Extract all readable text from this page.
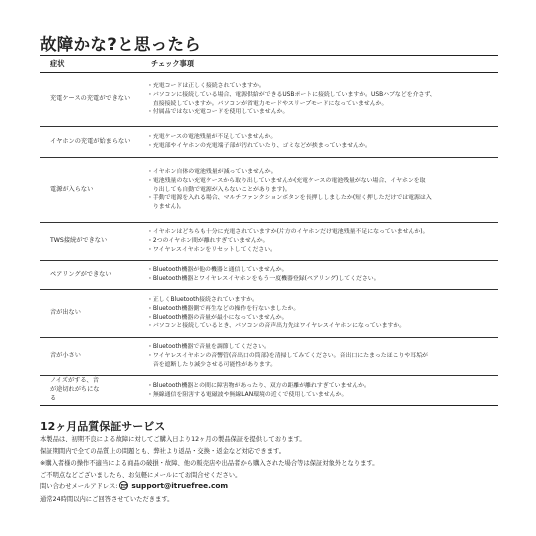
故障かな?と思ったら
症状	チェック事項
充電ケースの充電ができない	・充電コードは正しく接続されていますか。
・パソコンに接続している場合、電源供給ができるUSBポートに接続していますか。USBハブなどを介さず、
　直接接続していますか。パソコンが省電力モードやスリープモードになっていませんか。
・付属品ではない充電コードを使用していませんか。

イヤホンの充電が始まらない	・充電ケースの電池残量が不足していませんか。
・充電部やイヤホンの充電端子部が汚れていたり、ゴミなどが挟まっていませんか。

電源が入らない	・イヤホン自体の電池残量が減っていませんか。
・電池残量のない充電ケースから取り出していませんか(充電ケースの電池残量がない場合、イヤホンを取
　り出しても自動で電源が入らないことがあります)。
・手動で電源を入れる場合、マルチファンクションボタンを長押ししましたか(短く押しただけでは電源は入
　りません)。

TWS接続ができない	・イヤホンはどちらも十分に充電されていますか(片方のイヤホンだけ電池残量不足になっていませんか)。
・2つのイヤホン間が離れすぎていませんか。
・ワイヤレスイヤホンをリセットしてください。

ペアリングができない	・Bluetooth機器が他の機器と通信していませんか。
・Bluetooth機器とワイヤレスイヤホンをもう一度機器登録(ペアリング)してください。

音が出ない	・正しくBluetooth接続されていますか。
・Bluetooth機器側で再生などの操作を行ないましたか。
・Bluetooth機器の音量が最小になっていませんか。
・パソコンと接続しているとき、パソコンの音声出力先はワイヤレスイヤホンになっていますか。

音が小さい	・Bluetooth機器で音量を調節してください。
・ワイヤレスイヤホンの音響管(音出口の筒部)を清掃してみてください。音出口にたまったほこりや耳垢が
　音を遮断したり減少させる可能性があります。

ノイズがする、音が途切れがちになる	・Bluetooth機器との間に障害物があったり、双方の距離が離れすぎていませんか。
・無線通信を阻害する電磁波や無線LAN環境の近くで使用していませんか。
12ヶ月品質保証サービス
本製品は、初期不良による故障に対してご購入日より12ヶ月の製品保証を提供しております。
保証期間内で全ての品質上の問題とも、弊社より返品・交換・返金など対応できます。
※購入者様の操作不適当による商品の破損・故障、他の販売店や出品者から購入された場合等は保証対象外となります。
ご不明点などございましたら、お気軽にメールにてお問合せください。
問い合わせメールアドレス: support@itruefree.com
通常24時間以内にご回答させていただきます。
